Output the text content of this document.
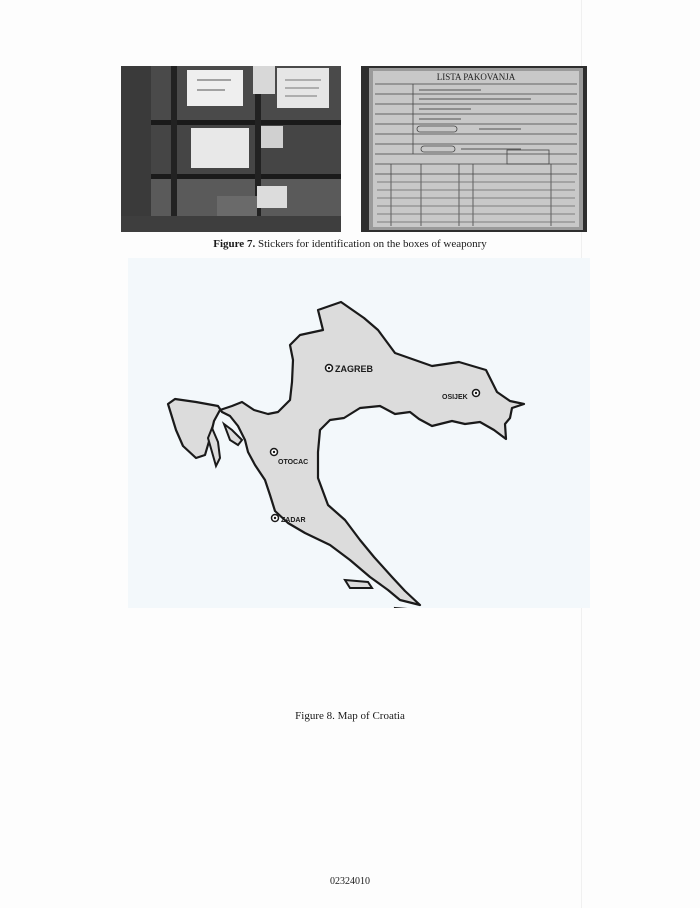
LISTA PAKOVANJA
Figure 7. Stickers for identification on the boxes of weaponry
ZAGREB
OSIJEK
OTOCAC
ZADAR
Figure 8. Map of Croatia
02324010
